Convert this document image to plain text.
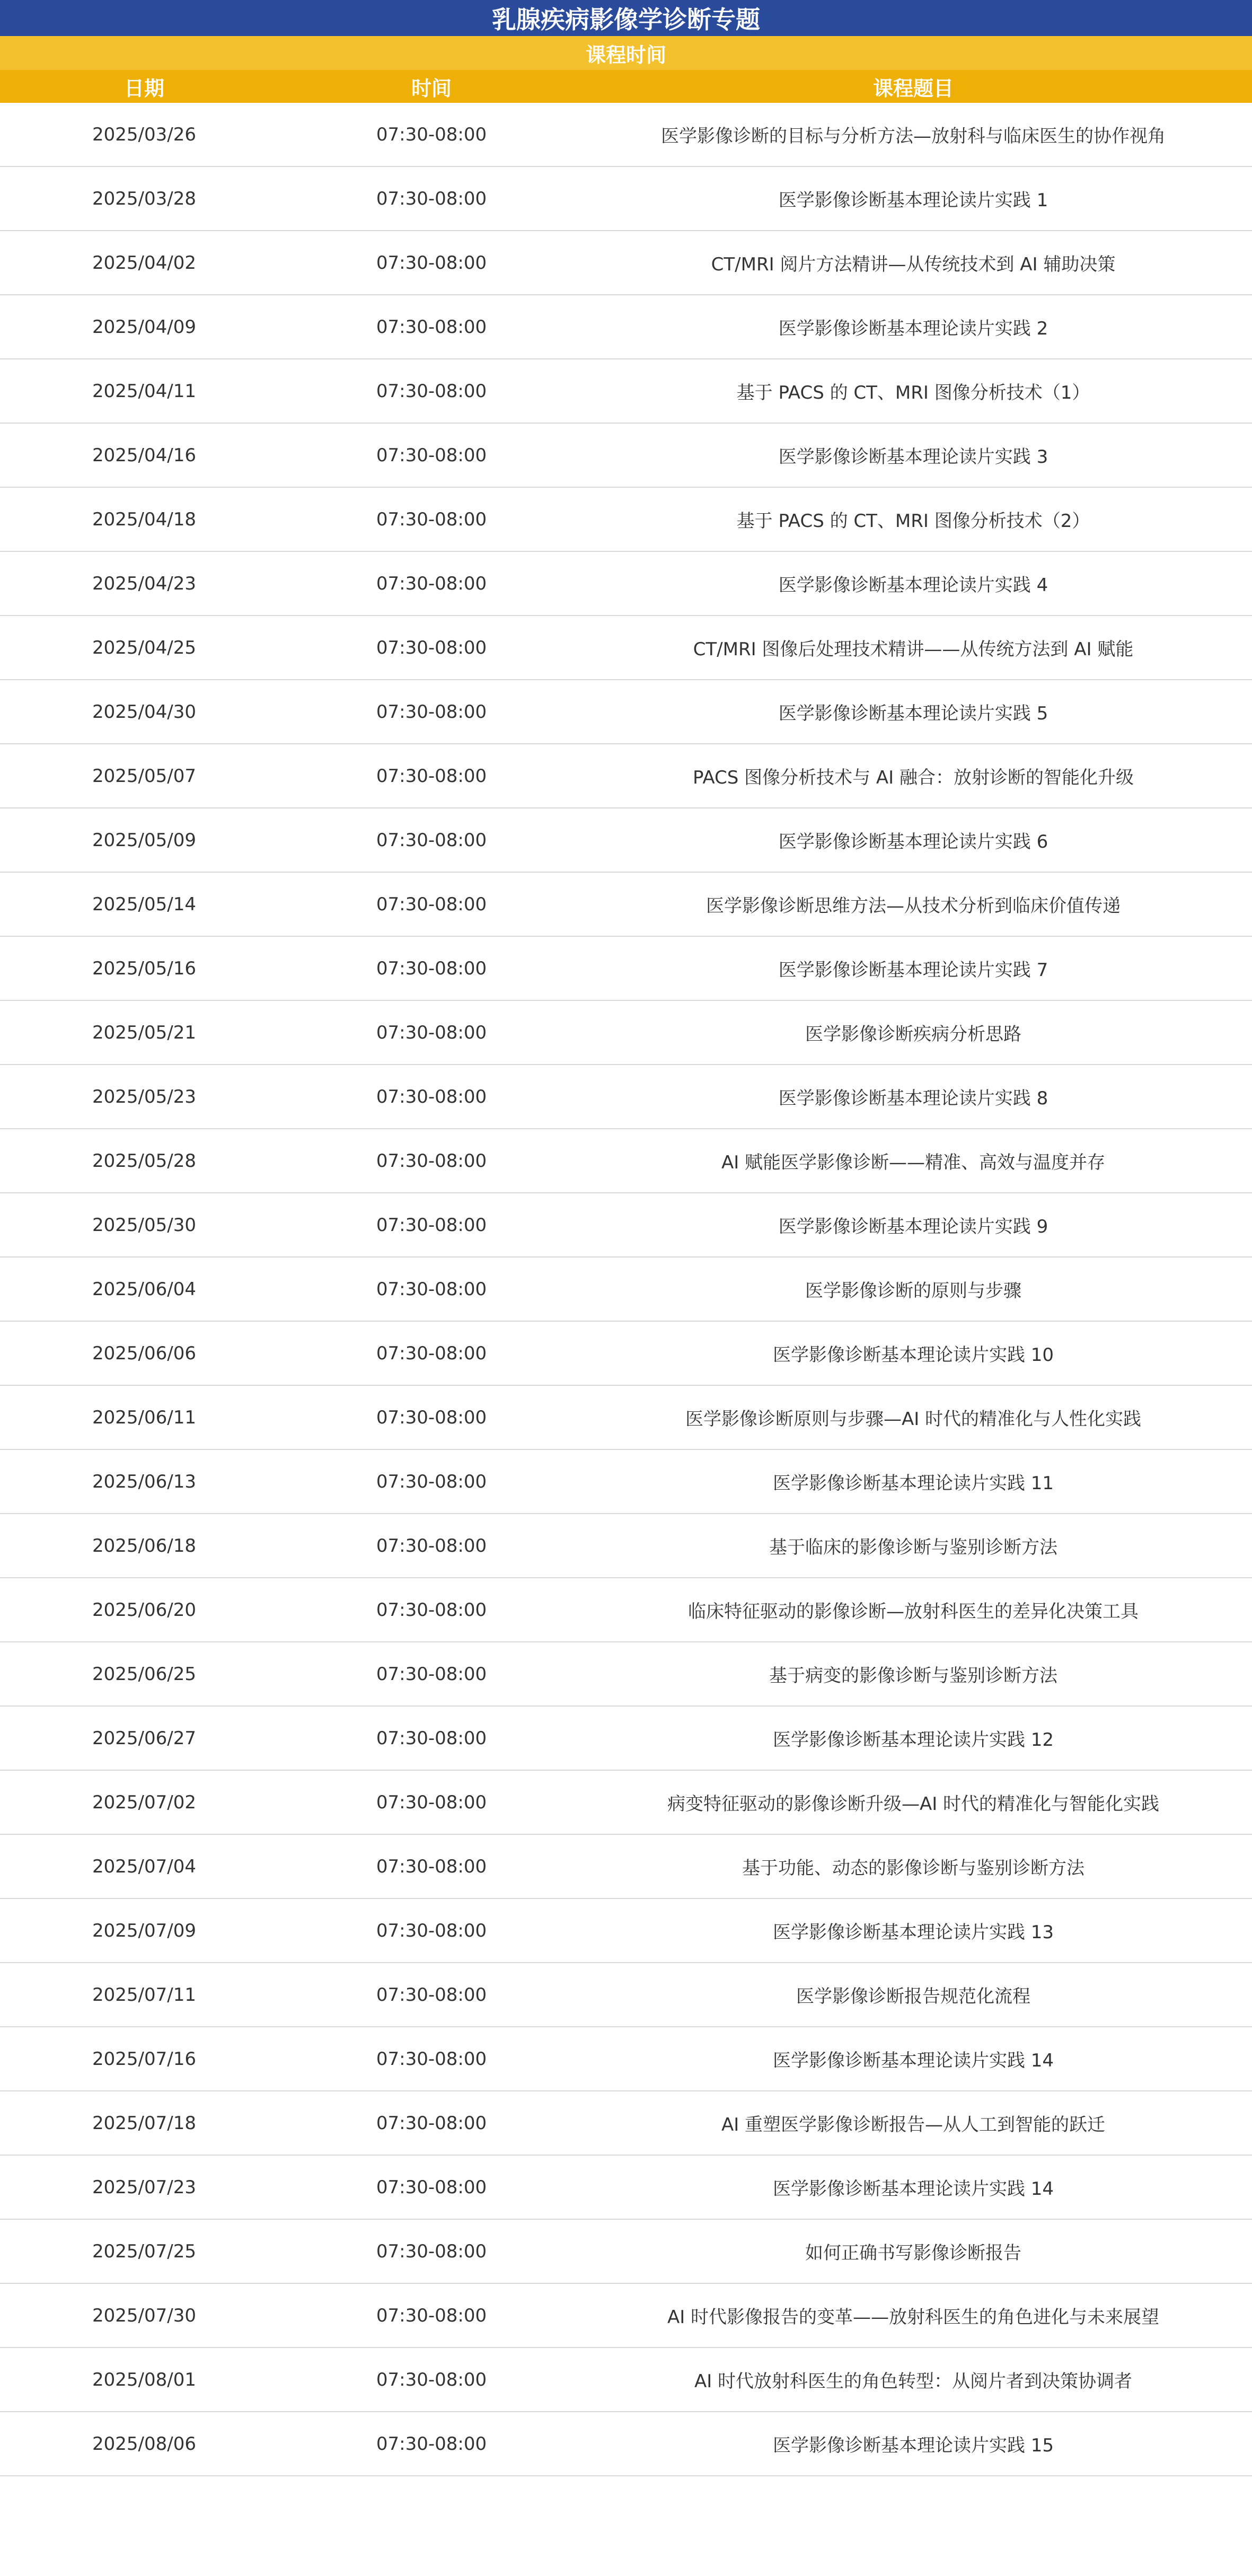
乳腺疾病影像学诊断专题
课程时间
日期	时间	课程题目
2025/03/26	07:30-08:00	医学影像诊断的目标与分析方法—放射科与临床医生的协作视角
2025/03/28	07:30-08:00	医学影像诊断基本理论读片实践 1
2025/04/02	07:30-08:00	CT/MRI 阅片方法精讲—从传统技术到 AI 辅助决策
2025/04/09	07:30-08:00	医学影像诊断基本理论读片实践 2
2025/04/11	07:30-08:00	基于 PACS 的 CT、MRI 图像分析技术（1）
2025/04/16	07:30-08:00	医学影像诊断基本理论读片实践 3
2025/04/18	07:30-08:00	基于 PACS 的 CT、MRI 图像分析技术（2）
2025/04/23	07:30-08:00	医学影像诊断基本理论读片实践 4
2025/04/25	07:30-08:00	CT/MRI 图像后处理技术精讲——从传统方法到 AI 赋能
2025/04/30	07:30-08:00	医学影像诊断基本理论读片实践 5
2025/05/07	07:30-08:00	PACS 图像分析技术与 AI 融合：放射诊断的智能化升级
2025/05/09	07:30-08:00	医学影像诊断基本理论读片实践 6
2025/05/14	07:30-08:00	医学影像诊断思维方法—从技术分析到临床价值传递
2025/05/16	07:30-08:00	医学影像诊断基本理论读片实践 7
2025/05/21	07:30-08:00	医学影像诊断疾病分析思路
2025/05/23	07:30-08:00	医学影像诊断基本理论读片实践 8
2025/05/28	07:30-08:00	AI 赋能医学影像诊断——精准、高效与温度并存
2025/05/30	07:30-08:00	医学影像诊断基本理论读片实践 9
2025/06/04	07:30-08:00	医学影像诊断的原则与步骤
2025/06/06	07:30-08:00	医学影像诊断基本理论读片实践 10
2025/06/11	07:30-08:00	医学影像诊断原则与步骤—AI 时代的精准化与人性化实践
2025/06/13	07:30-08:00	医学影像诊断基本理论读片实践 11
2025/06/18	07:30-08:00	基于临床的影像诊断与鉴别诊断方法
2025/06/20	07:30-08:00	临床特征驱动的影像诊断—放射科医生的差异化决策工具
2025/06/25	07:30-08:00	基于病变的影像诊断与鉴别诊断方法
2025/06/27	07:30-08:00	医学影像诊断基本理论读片实践 12
2025/07/02	07:30-08:00	病变特征驱动的影像诊断升级—AI 时代的精准化与智能化实践
2025/07/04	07:30-08:00	基于功能、动态的影像诊断与鉴别诊断方法
2025/07/09	07:30-08:00	医学影像诊断基本理论读片实践 13
2025/07/11	07:30-08:00	医学影像诊断报告规范化流程
2025/07/16	07:30-08:00	医学影像诊断基本理论读片实践 14
2025/07/18	07:30-08:00	AI 重塑医学影像诊断报告—从人工到智能的跃迁
2025/07/23	07:30-08:00	医学影像诊断基本理论读片实践 14
2025/07/25	07:30-08:00	如何正确书写影像诊断报告
2025/07/30	07:30-08:00	AI 时代影像报告的变革——放射科医生的角色进化与未来展望
2025/08/01	07:30-08:00	AI 时代放射科医生的角色转型：从阅片者到决策协调者
2025/08/06	07:30-08:00	医学影像诊断基本理论读片实践 15
